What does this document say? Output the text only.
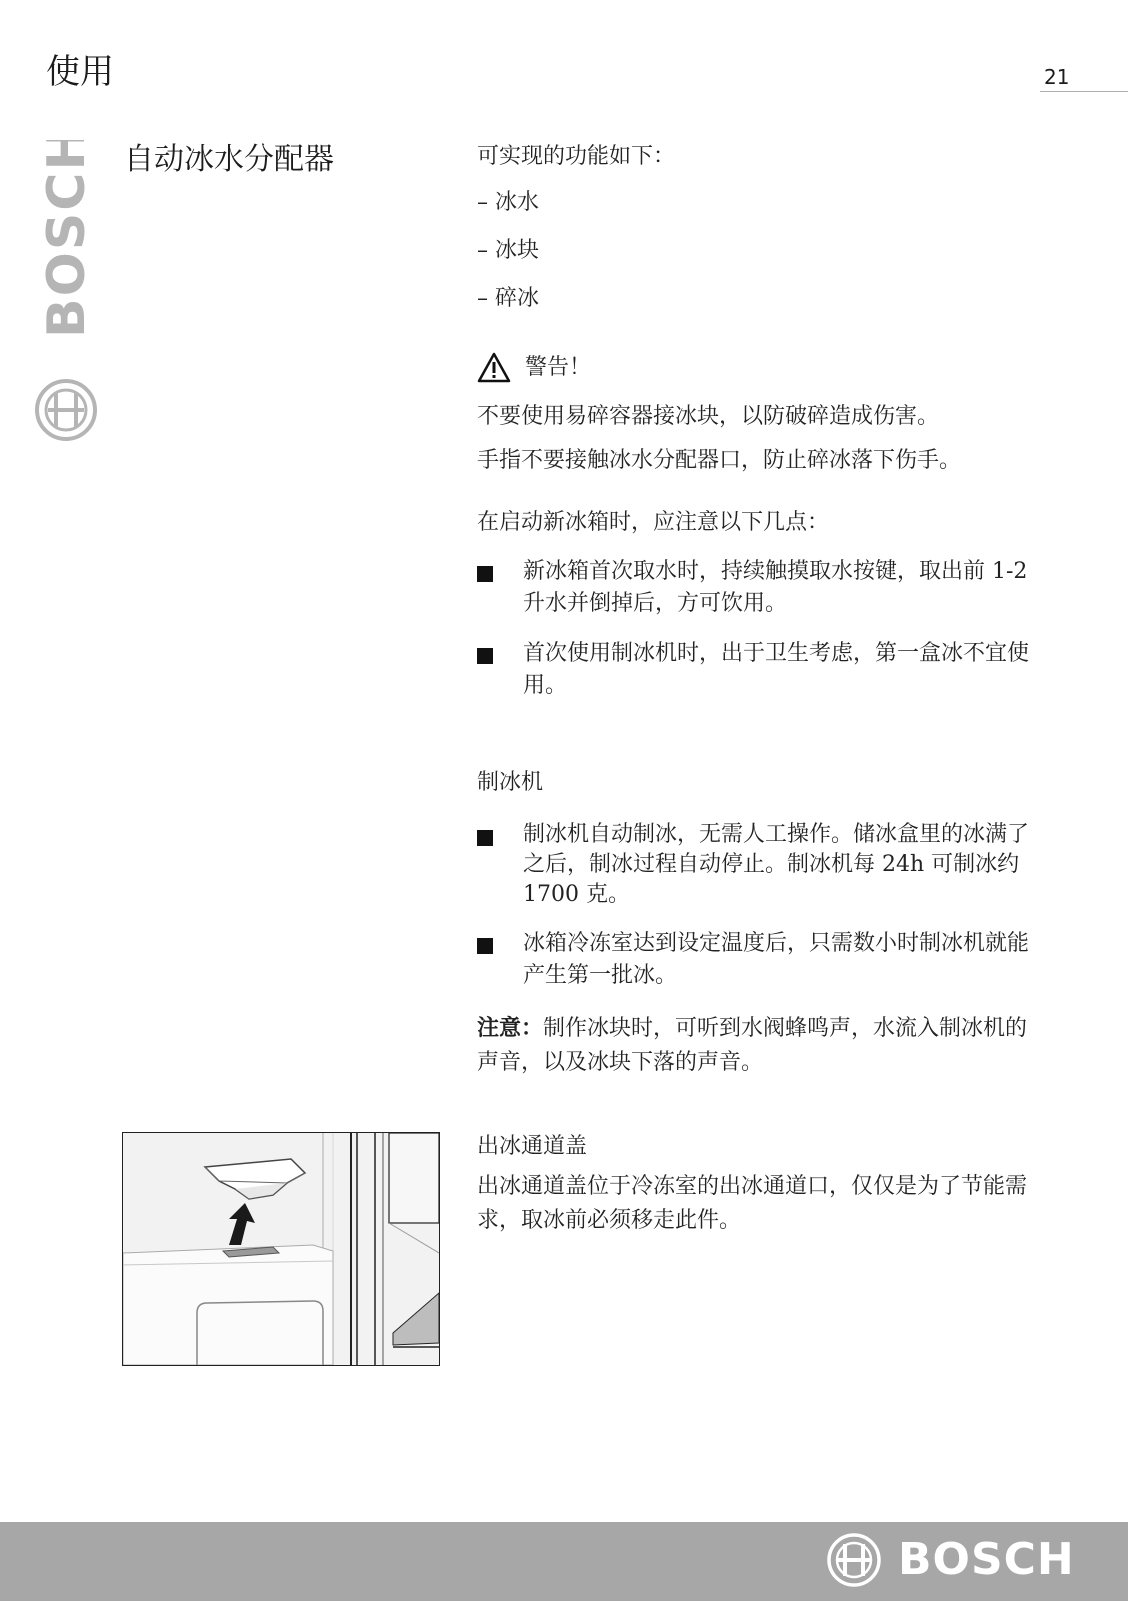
使用	21
BOSCH 自动冰水分配器	可实现的功能如下：
– 冰水
– 冰块
– 碎冰
警告！
不要使用易碎容器接冰块，以防破碎造成伤害。
手指不要接触冰水分配器口，防止碎冰落下伤手。
在启动新冰箱时，应注意以下几点：
新冰箱首次取水时，持续触摸取水按键，取出前 1-2 升水并倒掉后，方可饮用。
首次使用制冰机时，出于卫生考虑，第一盒冰不宜使用。
制冰机
制冰机自动制冰，无需人工操作。储冰盒里的冰满了之后，制冰过程自动停止。制冰机每 24h 可制冰约 1700 克。
冰箱冷冻室达到设定温度后，只需数小时制冰机就能产生第一批冰。
注意：制作冰块时，可听到水阀蜂鸣声，水流入制冰机的声音，以及冰块下落的声音。
出冰通道盖
出冰通道盖位于冷冻室的出冰通道口，仅仅是为了节能需求，取冰前必须移走此件。
BOSCH
